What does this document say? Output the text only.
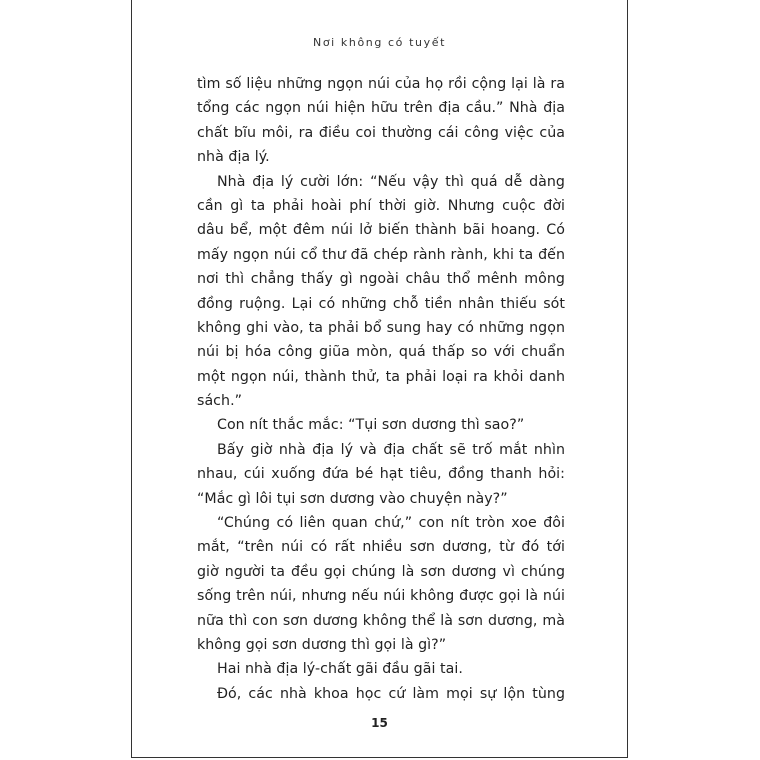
Nơi không có tuyết
tìm số liệu những ngọn núi của họ rồi cộng lại là ra
tổng các ngọn núi hiện hữu trên địa cầu.” Nhà địa
chất bĩu môi, ra điều coi thường cái công việc của
nhà địa lý.
Nhà địa lý cười lớn: “Nếu vậy thì quá dễ dàng
cần gì ta phải hoài phí thời giờ. Nhưng cuộc đời
dâu bể, một đêm núi lở biến thành bãi hoang. Có
mấy ngọn núi cổ thư đã chép rành rành, khi ta đến
nơi thì chẳng thấy gì ngoài châu thổ mênh mông
đồng ruộng. Lại có những chỗ tiền nhân thiếu sót
không ghi vào, ta phải bổ sung hay có những ngọn
núi bị hóa công giũa mòn, quá thấp so với chuẩn
một ngọn núi, thành thử, ta phải loại ra khỏi danh
sách.”
Con nít thắc mắc: “Tụi sơn dương thì sao?”
Bấy giờ nhà địa lý và địa chất sẽ trố mắt nhìn
nhau, cúi xuống đứa bé hạt tiêu, đồng thanh hỏi:
“Mắc gì lôi tụi sơn dương vào chuyện này?”
“Chúng có liên quan chứ,” con nít tròn xoe đôi
mắt, “trên núi có rất nhiều sơn dương, từ đó tới
giờ người ta đều gọi chúng là sơn dương vì chúng
sống trên núi, nhưng nếu núi không được gọi là núi
nữa thì con sơn dương không thể là sơn dương, mà
không gọi sơn dương thì gọi là gì?”
Hai nhà địa lý-chất gãi đầu gãi tai.
Đó, các nhà khoa học cứ làm mọi sự lộn tùng
15
